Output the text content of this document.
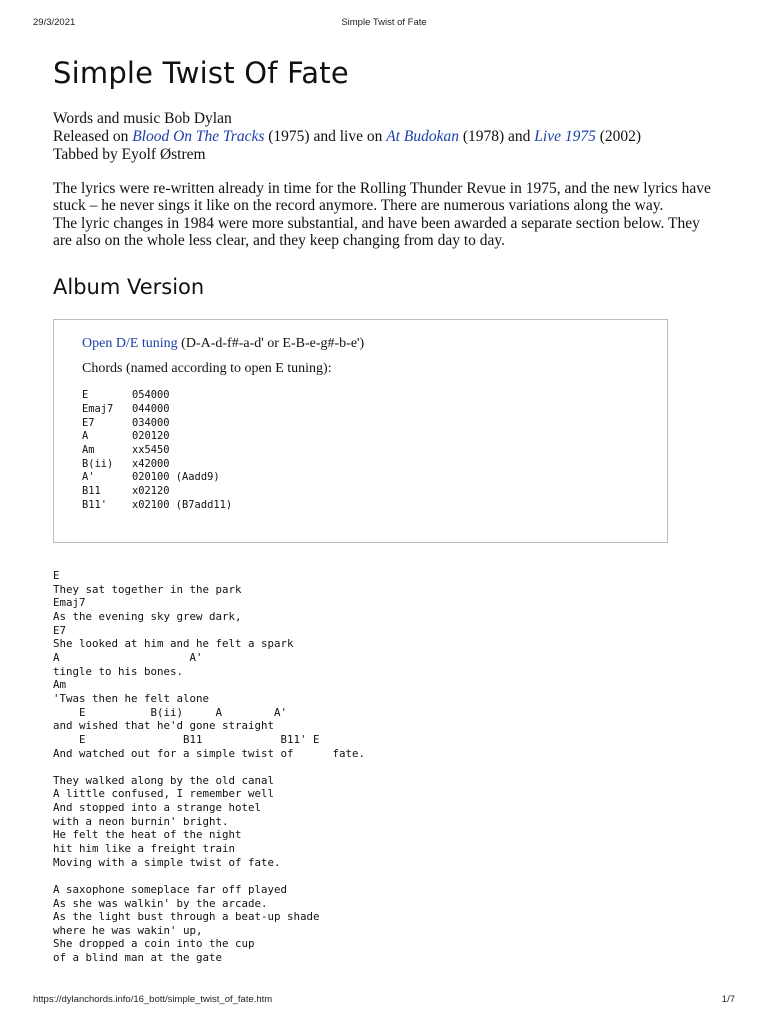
29/3/2021	Simple Twist of Fate
Simple Twist Of Fate
Words and music Bob Dylan
Released on Blood On The Tracks (1975) and live on At Budokan (1978) and Live 1975 (2002)
Tabbed by Eyolf Østrem

The lyrics were re-written already in time for the Rolling Thunder Revue in 1975, and the new lyrics have stuck – he never sings it like on the record anymore. There are numerous variations along the way.

The lyric changes in 1984 were more substantial, and have been awarded a separate section below. They are also on the whole less clear, and they keep changing from day to day.

Album Version
Open D/E tuning (D-A-d-f#-a-d' or E-B-e-g#-b-e')
Chords (named according to open E tuning):
E	054000
Emaj7 044000
E7	034000
A	020120
Am	xx5450
B(ii) x42000
A'	020100 (Aadd9)
B11	x02120
B11' x02100 (B7add11)
E
They sat together in the park
Emaj7
As the evening sky grew dark,
E7
She looked at him and he felt a spark
A                    A'
tingle to his bones.
Am
'Twas then he felt alone
E          B(ii)     A        A'
and wished that he'd gone straight
E               B11            B11' E
And watched out for a simple twist of      fate.
They walked along by the old canal
A little confused, I remember well
And stopped into a strange hotel
with a neon burnin' bright.
He felt the heat of the night
hit him like a freight train
Moving with a simple twist of fate.
A saxophone someplace far off played
As she was walkin' by the arcade.
As the light bust through a beat-up shade
where he was wakin' up,
She dropped a coin into the cup
of a blind man at the gate
https://dylanchords.info/16_bott/simple_twist_of_fate.htm	1/7
